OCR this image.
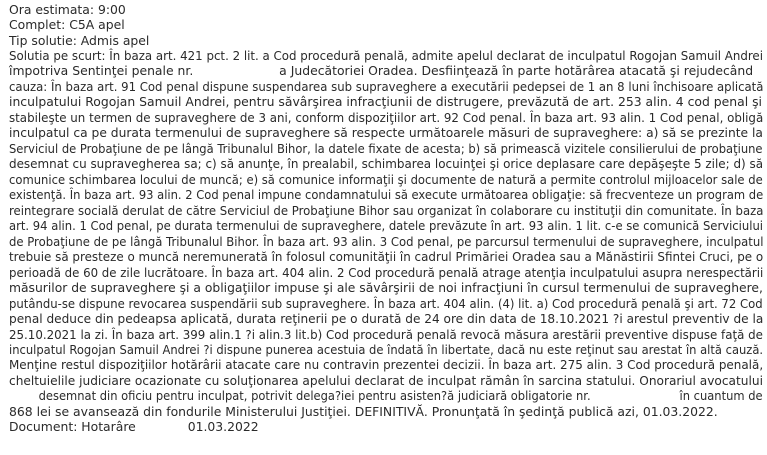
Ora estimata: 9:00
Complet: C5A apel
Tip solutie: Admis apel
Solutia pe scurt: În baza art. 421 pct. 2 lit. a Cod procedură penală, admite apelul declarat de inculpatul Rogojan Samuil Andrei
împotriva Sentinţei penale nr.	a Judecătoriei Oradea. Desfiinţează în parte hotărârea atacată şi rejudecând
cauza: În baza art. 91 Cod penal dispune suspendarea sub supraveghere a executării pedepsei de 1 an 8 luni închisoare aplicată
inculpatului Rogojan Samuil Andrei, pentru săvârşirea infracţiunii de distrugere, prevăzută de art. 253 alin. 4 cod penal şi
stabileşte un termen de supraveghere de 3 ani, conform dispoziţiilor art. 92 Cod penal. În baza art. 93 alin. 1 Cod penal, obligă
inculpatul ca pe durata termenului de supraveghere să respecte următoarele măsuri de supraveghere: a) să se prezinte la
Serviciul de Probaţiune de pe lângă Tribunalul Bihor, la datele fixate de acesta; b) să primească vizitele consilierului de probaţiune
desemnat cu supravegherea sa; c) să anunţe, în prealabil, schimbarea locuinţei şi orice deplasare care depăşeşte 5 zile; d) să
comunice schimbarea locului de muncă; e) să comunice informaţii şi documente de natură a permite controlul mijloacelor sale de
existenţă. În baza art. 93 alin. 2 Cod penal impune condamnatului să execute următoarea obligaţie: să frecventeze un program de
reintegrare socială derulat de către Serviciul de Probaţiune Bihor sau organizat în colaborare cu instituţii din comunitate. În baza
art. 94 alin. 1 Cod penal, pe durata termenului de supraveghere, datele prevăzute în art. 93 alin. 1 lit. c-e se comunică Serviciului
de Probaţiune de pe lângă Tribunalul Bihor. În baza art. 93 alin. 3 Cod penal, pe parcursul termenului de supraveghere, inculpatul
trebuie să presteze o muncă neremunerată în folosul comunităţii în cadrul Primăriei Oradea sau a Mănăstirii Sfintei Cruci, pe o
perioadă de 60 de zile lucrătoare. În baza art. 404 alin. 2 Cod procedură penală atrage atenţia inculpatului asupra nerespectării
măsurilor de supraveghere şi a obligaţiilor impuse şi ale săvârşirii de noi infracţiuni în cursul termenului de supraveghere,
putându-se dispune revocarea suspendării sub supraveghere. În baza art. 404 alin. (4) lit. a) Cod procedură penală şi art. 72 Cod
penal deduce din pedeapsa aplicată, durata reţinerii pe o durată de 24 ore din data de 18.10.2021 ?i arestul preventiv de la
25.10.2021 la zi. În baza art. 399 alin.1 ?i alin.3 lit.b) Cod procedură penală revocă măsura arestării preventive dispuse faţă de
inculpatul Rogojan Samuil Andrei ?i dispune punerea acestuia de îndată în libertate, dacă nu este reţinut sau arestat în altă cauză.
Menţine restul dispoziţiilor hotărârii atacate care nu contravin prezentei decizii. În baza art. 275 alin. 3 Cod procedură penală,
cheltuielile judiciare ocazionate cu soluţionarea apelului declarat de inculpat rămân în sarcina statului. Onorariul avocatului
desemnat din oficiu pentru inculpat, potrivit delega?iei pentru asisten?ă judiciară obligatorie nr.	în cuantum de
868 lei se avansează din fondurile Ministerului Justiţiei. DEFINITIVĂ. Pronunţată în şedinţă publică azi, 01.03.2022.
Document: Hotarâre	01.03.2022
